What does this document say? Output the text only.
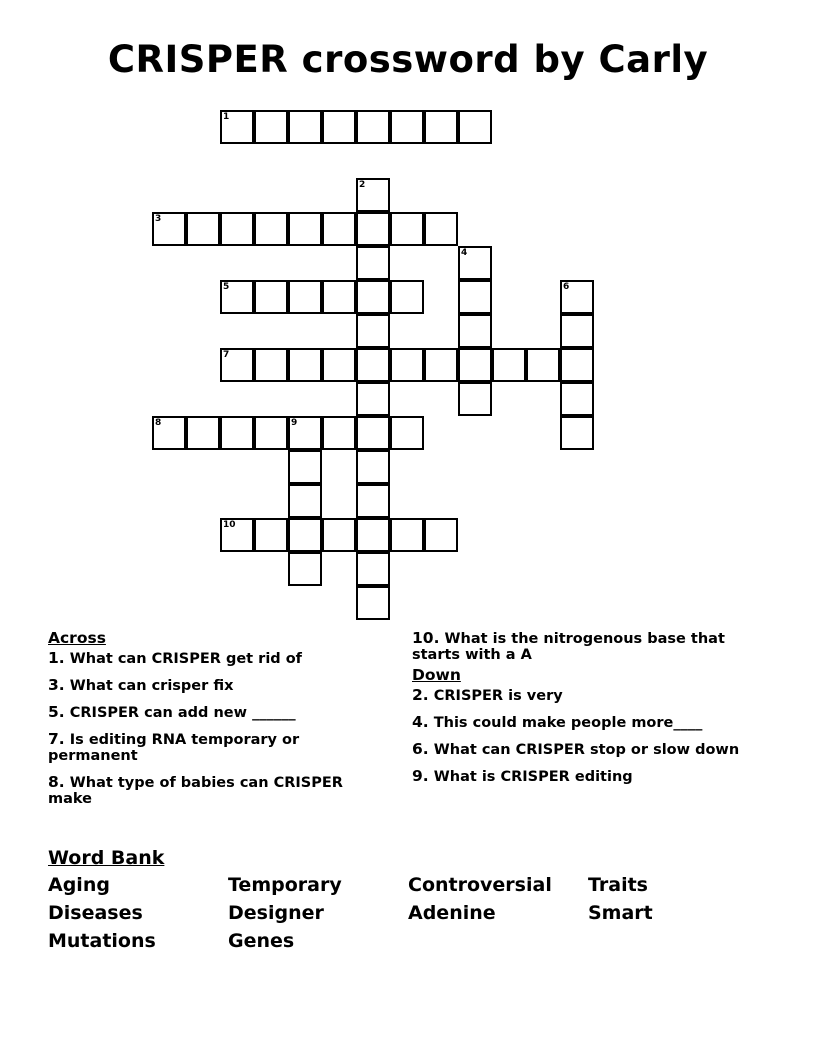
CRISPER crossword by Carly
1
2
3
4
5	6
7
8	9
10
Across
1. What can CRISPER get rid of
3. What can crisper fix
5. CRISPER can add new ______
7. Is editing RNA temporary or permanent
8. What type of babies can CRISPER make
10. What is the nitrogenous base that starts with a A
Down
2. CRISPER is very
4. This could make people more____
6. What can CRISPER stop or slow down
9. What is CRISPER editing
Word Bank
Aging	Temporary	Controversial	Traits
Diseases	Designer	Adenine	Smart
Mutations	Genes
